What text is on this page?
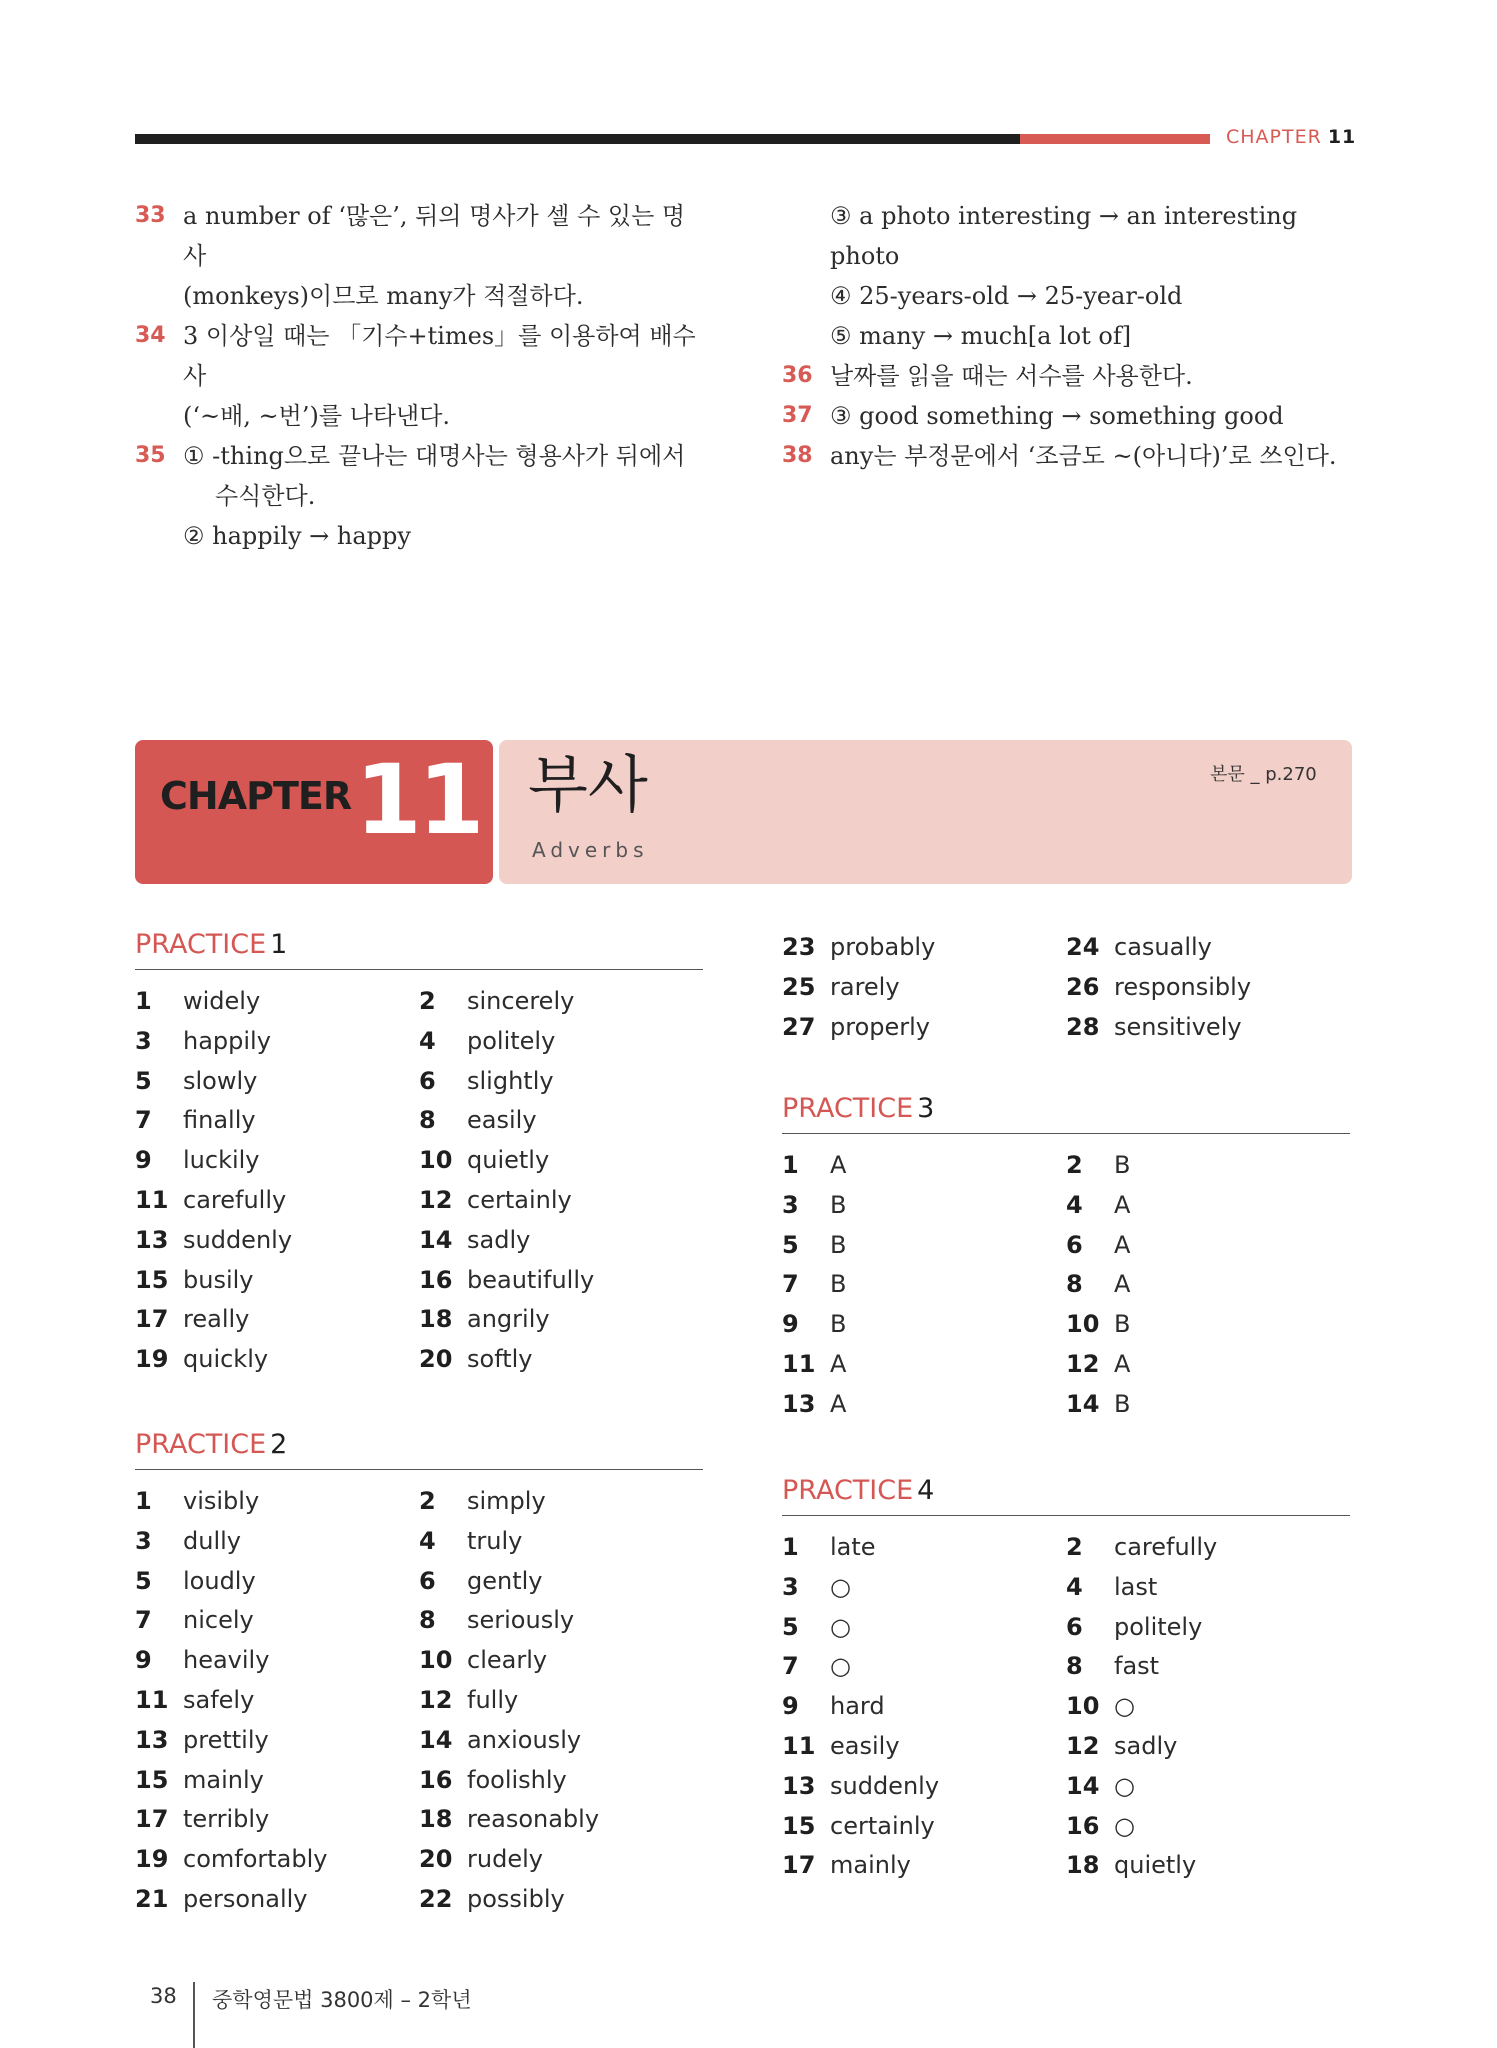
CHAPTER 11
33 a number of ‘많은’, 뒤의 명사가 셀 수 있는 명사
(monkeys)이므로 many가 적절하다.
34 3 이상일 때는 「기수+times」를 이용하여 배수사
(‘~배, ~번’)를 나타낸다.
35 ① -thing으로 끝나는 대명사는 형용사가 뒤에서
수식한다.
② happily → happy
③ a photo interesting → an interesting photo
④ 25-years-old → 25-year-old
⑤ many → much[a lot of]
36 날짜를 읽을 때는 서수를 사용한다.
37 ③ good something → something good
38 any는 부정문에서 ‘조금도 ~(아니다)’로 쓰인다.
CHAPTER 11 부사
Adverbs
본문 _ p.270
PRACTICE 1
1 widely	2 sincerely
3 happily	4 politely
5 slowly	6 slightly
7 finally	8 easily
9 luckily	10 quietly
11 carefully	12 certainly
13 suddenly	14 sadly
15 busily	16 beautifully
17 really	18 angrily
19 quickly	20 softly
PRACTICE 2
1 visibly	2 simply
3 dully	4 truly
5 loudly	6 gently
7 nicely	8 seriously
9 heavily	10 clearly
11 safely	12 fully
13 prettily	14 anxiously
15 mainly	16 foolishly
17 terribly	18 reasonably
19 comfortably	20 rudely
21 personally	22 possibly
23 probably	24 casually
25 rarely	26 responsibly
27 properly	28 sensitively
PRACTICE 3
1 A	2 B
3 B	4 A
5 B	6 A
7 B	8 A
9 B	10 B
11 A	12 A
13 A	14 B
PRACTICE 4
1 late	2 carefully
3 ○	4 last
5 ○	6 politely
7 ○	8 fast
9 hard	10 ○
11 easily	12 sadly
13 suddenly	14 ○
15 certainly	16 ○
17 mainly	18 quietly
38 중학영문법 3800제 – 2학년
